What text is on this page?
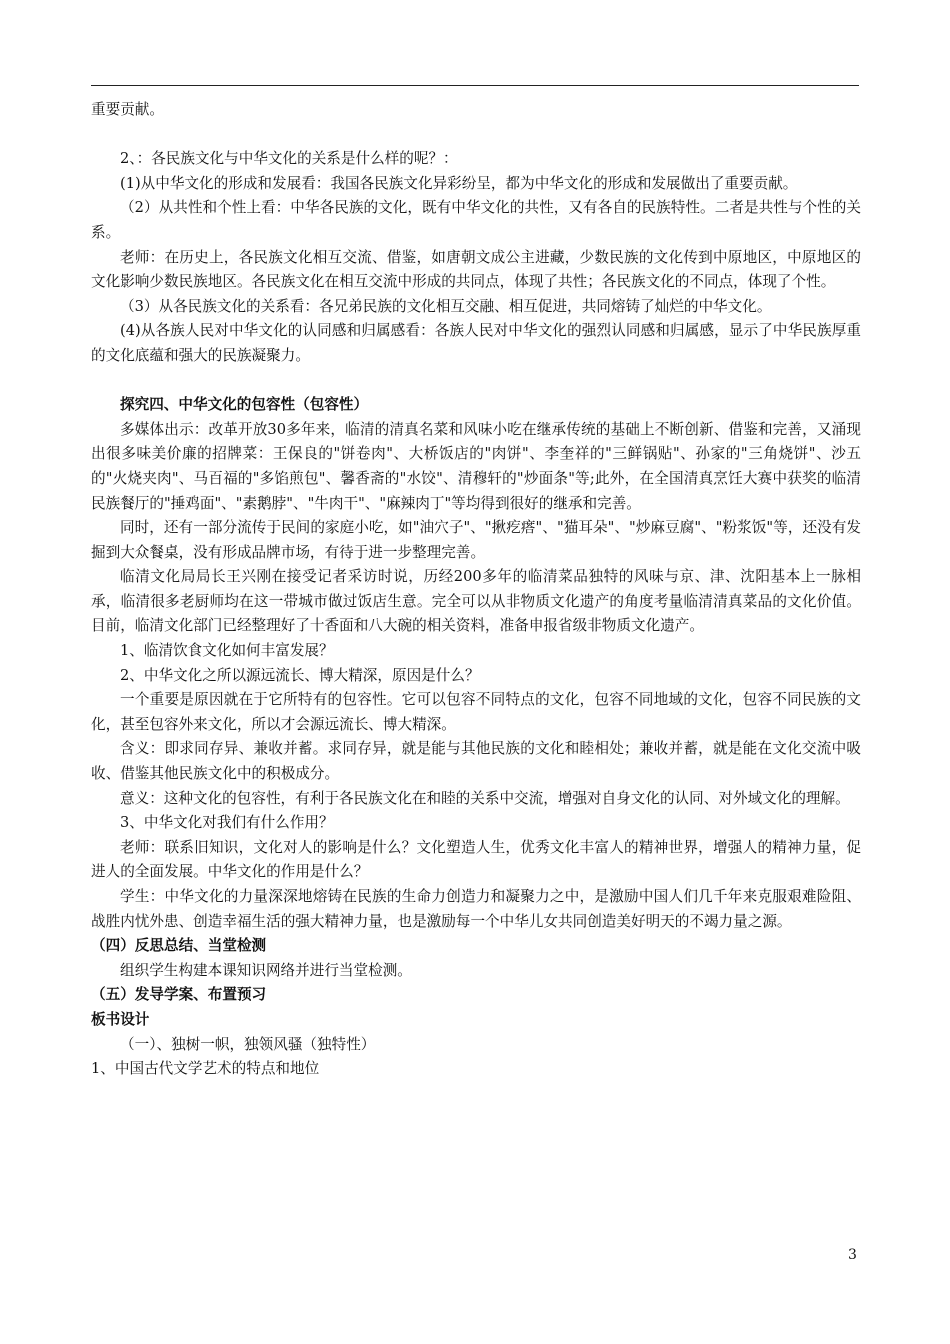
重要贡献。

2、：各民族文化与中华文化的关系是什么样的呢？：

(1)从中华文化的形成和发展看：我国各民族文化异彩纷呈，都为中华文化的形成和发展做出了重要贡献。

（2）从共性和个性上看：中华各民族的文化，既有中华文化的共性，又有各自的民族特性。二者是共性与个性的关系。

老师：在历史上，各民族文化相互交流、借鉴，如唐朝文成公主进藏，少数民族的文化传到中原地区，中原地区的文化影响少数民族地区。各民族文化在相互交流中形成的共同点，体现了共性；各民族文化的不同点，体现了个性。

（3）从各民族文化的关系看：各兄弟民族的文化相互交融、相互促进，共同熔铸了灿烂的中华文化。

(4)从各族人民对中华文化的认同感和归属感看：各族人民对中华文化的强烈认同感和归属感，显示了中华民族厚重的文化底蕴和强大的民族凝聚力。

探究四、中华文化的包容性（包容性）

多媒体出示：改革开放30多年来，临清的清真名菜和风味小吃在继承传统的基础上不断创新、借鉴和完善，又涌现出很多味美价廉的招牌菜：王保良的"饼卷肉"、大桥饭店的"肉饼"、李奎祥的"三鲜锅贴"、孙家的"三角烧饼"、沙五的"火烧夹肉"、马百福的"多馅煎包"、馨香斋的"水饺"、清穆轩的"炒面条"等;此外，在全国清真烹饪大赛中获奖的临清民族餐厅的"捶鸡面"、"素鹅脖"、"牛肉干"、"麻辣肉丁"等均得到很好的继承和完善。

同时，还有一部分流传于民间的家庭小吃，如"油穴子"、"揪疙瘩"、"猫耳朵"、"炒麻豆腐"、"粉浆饭"等，还没有发掘到大众餐桌，没有形成品牌市场，有待于进一步整理完善。

临清文化局局长王兴刚在接受记者采访时说，历经200多年的临清菜品独特的风味与京、津、沈阳基本上一脉相承，临清很多老厨师均在这一带城市做过饭店生意。完全可以从非物质文化遗产的角度考量临清清真菜品的文化价值。目前，临清文化部门已经整理好了十香面和八大碗的相关资料，准备申报省级非物质文化遗产。

1、临清饮食文化如何丰富发展？

2、中华文化之所以源远流长、博大精深，原因是什么？

一个重要是原因就在于它所特有的包容性。它可以包容不同特点的文化，包容不同地域的文化，包容不同民族的文化，甚至包容外来文化，所以才会源远流长、博大精深。

含义：即求同存异、兼收并蓄。求同存异，就是能与其他民族的文化和睦相处；兼收并蓄，就是能在文化交流中吸收、借鉴其他民族文化中的积极成分。

意义：这种文化的包容性，有利于各民族文化在和睦的关系中交流，增强对自身文化的认同、对外域文化的理解。

3、中华文化对我们有什么作用？

老师：联系旧知识，文化对人的影响是什么？文化塑造人生，优秀文化丰富人的精神世界，增强人的精神力量，促进人的全面发展。中华文化的作用是什么？

学生：中华文化的力量深深地熔铸在民族的生命力创造力和凝聚力之中，是激励中国人们几千年来克服艰难险阻、战胜内忧外患、创造幸福生活的强大精神力量，也是激励每一个中华儿女共同创造美好明天的不竭力量之源。

（四）反思总结、当堂检测

组织学生构建本课知识网络并进行当堂检测。

（五）发导学案、布置预习

板书设计

（一）、独树一帜，独领风骚（独特性）

1、中国古代文学艺术的特点和地位

3
